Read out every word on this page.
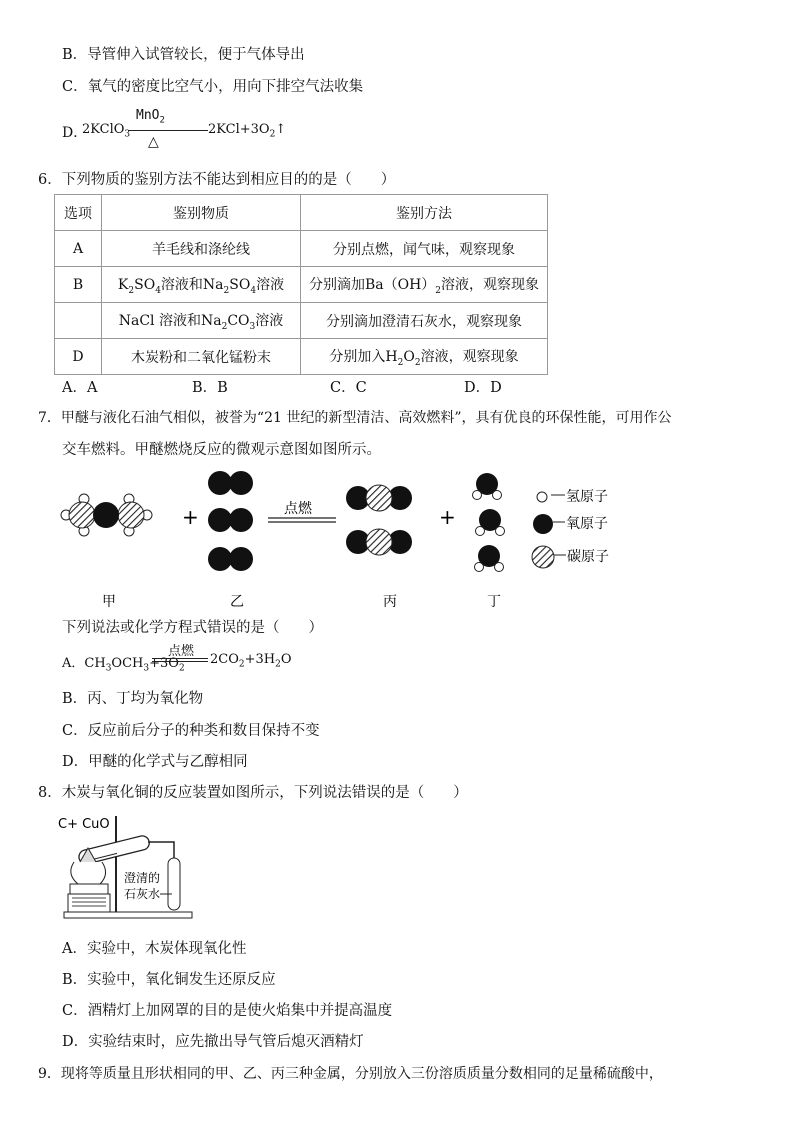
B．导管伸入试管较长，便于气体导出
C．氧气的密度比空气小，用向下排空气法收集
D．
2KClO$_3$
MnO$_2$
△
$2KCl+3O_2↑$
6．下列物质的鉴别方法不能达到相应目的的是（　　）
选项	鉴别物质	鉴别方法
A	羊毛线和涤纶线	分别点燃，闻气味，观察现象
B	$K_2SO_4$溶液和$Na_2SO_4$溶液	分别滴加$Ba(OH)_2$溶液，观察现象
	NaCl 溶液和$Na_2CO_3$溶液	分别滴加澄清石灰水，观察现象
D	木炭粉和二氧化锰粉末	分别加入$H_2O_2$溶液，观察现象
A．A	B．B	C．C	D．D
7．甲醚与液化石油气相似，被誉为“21 世纪的新型清洁、高效燃料”，具有优良的环保性能，可用作公
交车燃料。甲醚燃烧反应的微观示意图如图所示。
+	点燃	+
氢原子
氧原子
碳原子
甲	乙	丙	丁
下列说法或化学方程式错误的是（　　）
A．$CH_3OCH_3+3O_2$
点燃
$2CO_2+3H_2O$
B．丙、丁均为氧化物
C．反应前后分子的种类和数目保持不变
D．甲醚的化学式与乙醇相同
8．木炭与氧化铜的反应装置如图所示，下列说法错误的是（　　）
C+ CuO
澄清的
石灰水
A．实验中，木炭体现氧化性
B．实验中，氧化铜发生还原反应
C．酒精灯上加网罩的目的是使火焰集中并提高温度
D．实验结束时，应先撤出导气管后熄灭酒精灯
9．现将等质量且形状相同的甲、乙、丙三种金属，分别放入三份溶质质量分数相同的足量稀硫酸中，
